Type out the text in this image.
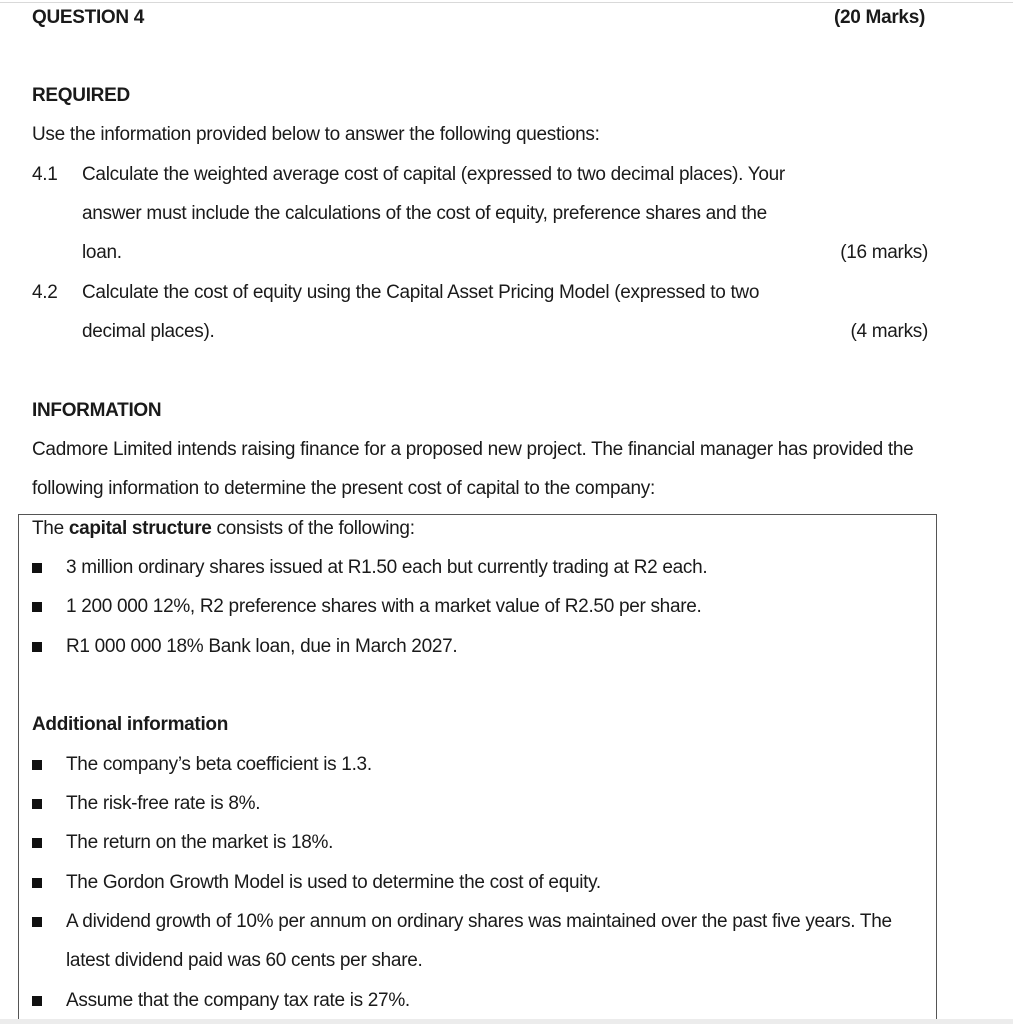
QUESTION 4	(20 Marks)
REQUIRED
Use the information provided below to answer the following questions:
4.1 Calculate the weighted average cost of capital (expressed to two decimal places). Your
answer must include the calculations of the cost of equity, preference shares and the
loan.	(16 marks)
4.2 Calculate the cost of equity using the Capital Asset Pricing Model (expressed to two
decimal places).	(4 marks)
INFORMATION
Cadmore Limited intends raising finance for a proposed new project. The financial manager has provided the
following information to determine the present cost of capital to the company:
The capital structure consists of the following:
3 million ordinary shares issued at R1.50 each but currently trading at R2 each.
1 200 000 12%, R2 preference shares with a market value of R2.50 per share.
R1 000 000 18% Bank loan, due in March 2027.
Additional information
The company’s beta coefficient is 1.3.
The risk-free rate is 8%.
The return on the market is 18%.
The Gordon Growth Model is used to determine the cost of equity.
A dividend growth of 10% per annum on ordinary shares was maintained over the past five years. The
latest dividend paid was 60 cents per share.
Assume that the company tax rate is 27%.
